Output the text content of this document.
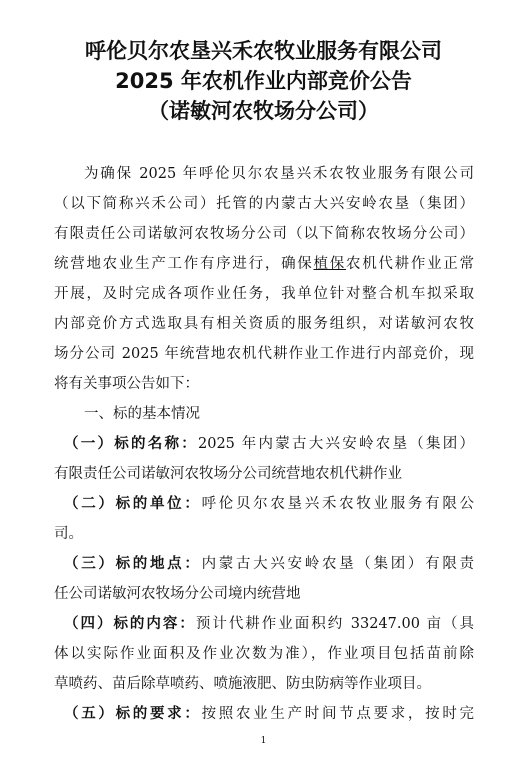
呼伦贝尔农垦兴禾农牧业服务有限公司
2025 年农机作业内部竞价公告
（诺敏河农牧场分公司）
为确保 2025 年呼伦贝尔农垦兴禾农牧业服务有限公司
（以下简称兴禾公司）托管的内蒙古大兴安岭农垦（集团）
有限责任公司诺敏河农牧场分公司（以下简称农牧场分公司）
统营地农业生产工作有序进行，确保植保农机代耕作业正常
开展，及时完成各项作业任务，我单位针对整合机车拟采取
内部竞价方式选取具有相关资质的服务组织，对诺敏河农牧
场分公司 2025 年统营地农机代耕作业工作进行内部竞价，现
将有关事项公告如下：
一、标的基本情况
（一）标的名称：2025 年内蒙古大兴安岭农垦（集团）
有限责任公司诺敏河农牧场分公司统营地农机代耕作业
（二）标的单位：呼伦贝尔农垦兴禾农牧业服务有限公
司。
（三）标的地点：内蒙古大兴安岭农垦（集团）有限责
任公司诺敏河农牧场分公司境内统营地
（四）标的内容：预计代耕作业面积约 33247.00 亩（具
体以实际作业面积及作业次数为准），作业项目包括苗前除
草喷药、苗后除草喷药、喷施液肥、防虫防病等作业项目。
（五）标的要求：按照农业生产时间节点要求，按时完
1
